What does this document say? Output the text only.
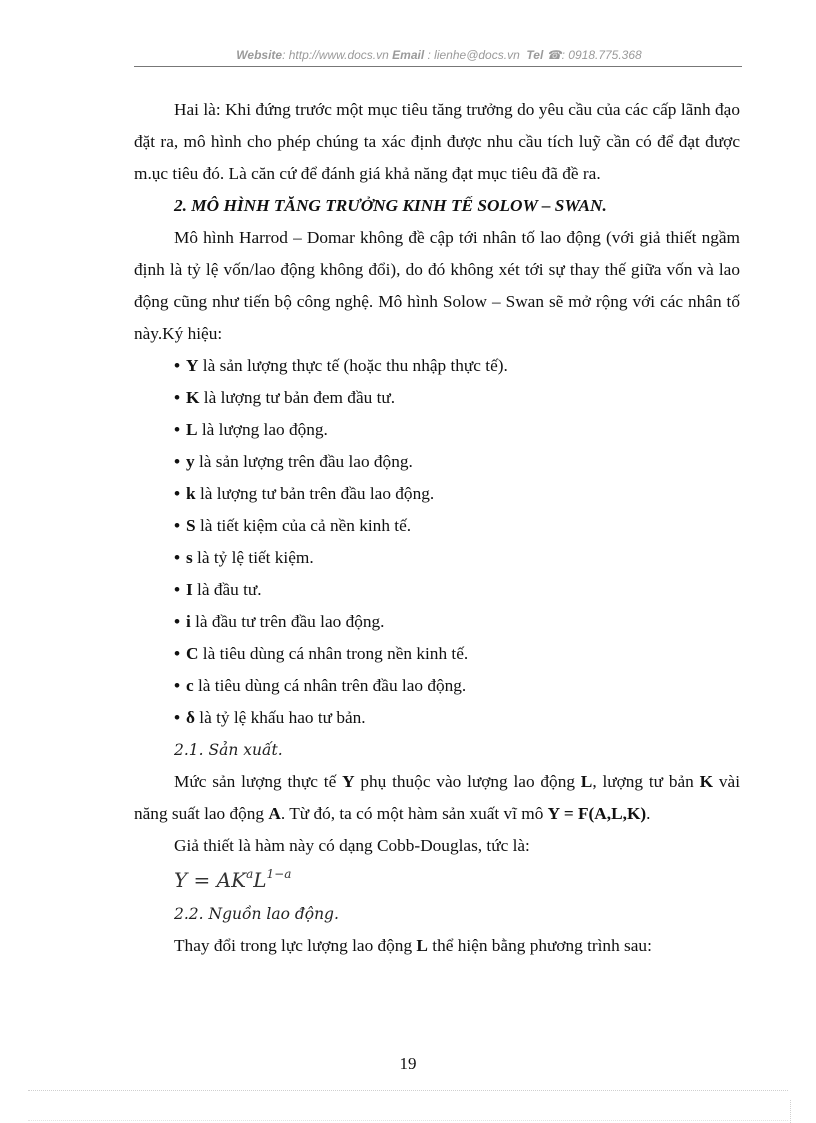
Website: http://www.docs.vn Email : lienhe@docs.vn Tel ☎: 0918.775.368

Hai là: Khi đứng trước một mục tiêu tăng trưởng do yêu cầu của các cấp lãnh đạo đặt ra, mô hình cho phép chúng ta xác định được nhu cầu tích luỹ cần có để đạt được m.ục tiêu đó. Là căn cứ để đánh giá khả năng đạt mục tiêu đã đề ra.

2. MÔ HÌNH TĂNG TRƯỞNG KINH TẾ SOLOW – SWAN.

Mô hình Harrod – Domar không đề cập tới nhân tố lao động (với giả thiết ngầm định là tỷ lệ vốn/lao động không đổi), do đó không xét tới sự thay thế giữa vốn và lao động cũng như tiến bộ công nghệ. Mô hình Solow – Swan sẽ mở rộng với các nhân tố này.Ký hiệu:

• Y là sản lượng thực tế (hoặc thu nhập thực tế).
• K là lượng tư bản đem đầu tư.
• L là lượng lao động.
• y là sản lượng trên đầu lao động.
• k là lượng tư bản trên đầu lao động.
• S là tiết kiệm của cả nền kinh tế.
• s là tỷ lệ tiết kiệm.
• I là đầu tư.
• i là đầu tư trên đầu lao động.
• C là tiêu dùng cá nhân trong nền kinh tế.
• c là tiêu dùng cá nhân trên đầu lao động.
• δ là tỷ lệ khấu hao tư bản.
2.1. Sản xuất.

Mức sản lượng thực tế Y phụ thuộc vào lượng lao động L, lượng tư bản K vài năng suất lao động A. Từ đó, ta có một hàm sản xuất vĩ mô Y = F(A,L,K).

Giả thiết là hàm này có dạng Cobb-Douglas, tức là:

$Y = AK^aL^{1-a}$
2.2. Nguồn lao động.

Thay đổi trong lực lượng lao động L thể hiện bằng phương trình sau:

19
